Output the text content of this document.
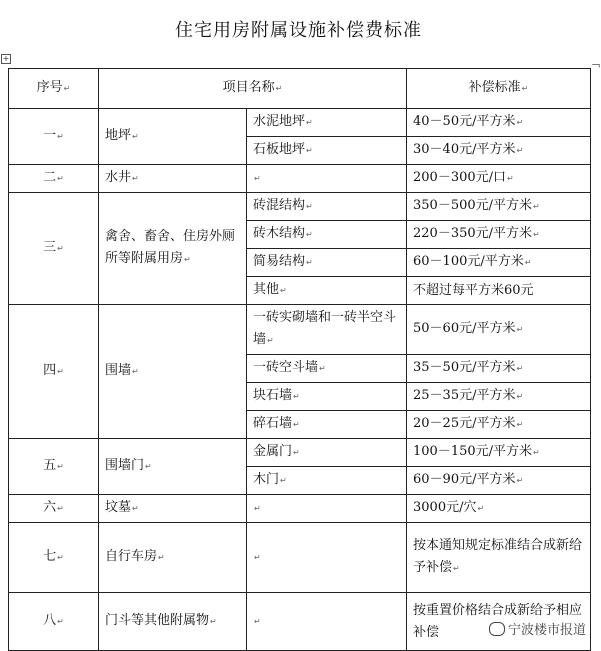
住宅用房附属设施补偿费标准
+	¬
序号↵	项目名称↵		补偿标准↵
一↵	地坪↵	水泥地坪↵	40－50元/平方米↵
		石板地坪↵	30－40元/平方米↵
二↵	水井↵	↵	200－300元/口↵
三↵	禽舍、畜舍、住房外厕所等附属用房↵	砖混结构↵	350－500元/平方米↵
		砖木结构↵	220－350元/平方米↵
		简易结构↵	60－100元/平方米↵
		其他↵	不超过每平方米60元
四↵	围墙↵	一砖实砌墙和一砖半空斗墙↵	50－60元/平方米↵
		一砖空斗墙↵	35－50元/平方米↵
		块石墙↵	25－35元/平方米↵
		碎石墙↵	20－25元/平方米↵
五↵	围墙门↵	金属门↵	100－150元/平方米↵
		木门↵	60－90元/平方米↵
六↵	坟墓↵	↵	3000元/穴↵
七↵	自行车房↵	↵	按本通知规定标准结合成新给予补偿↵
八↵	门斗等其他附属物↵	↵	按重置价格结合成新给予相应补偿	宁波楼市报道
